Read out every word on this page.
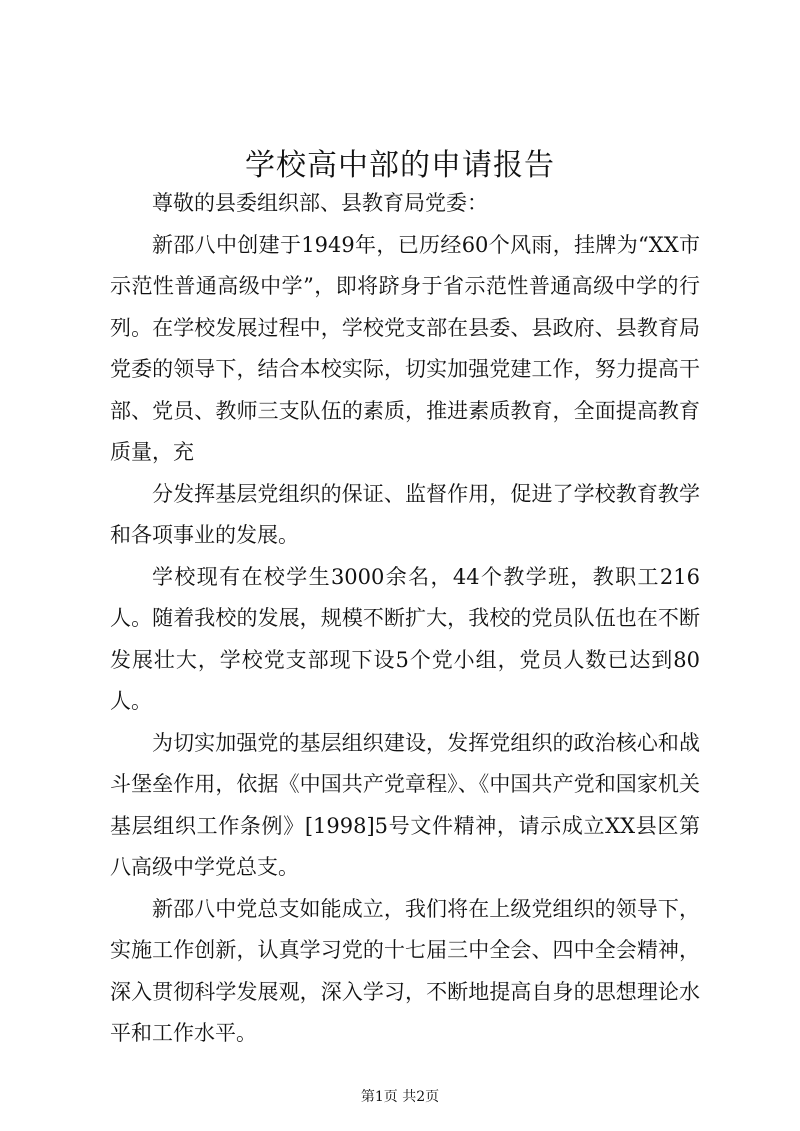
学校高中部的申请报告

尊敬的县委组织部、县教育局党委：

新邵八中创建于1949年，已历经60个风雨，挂牌为“XX市示范性普通高级中学”，即将跻身于省示范性普通高级中学的行列。在学校发展过程中，学校党支部在县委、县政府、县教育局党委的领导下，结合本校实际，切实加强党建工作，努力提高干部、党员、教师三支队伍的素质，推进素质教育，全面提高教育质量，充

分发挥基层党组织的保证、监督作用，促进了学校教育教学和各项事业的发展。

学校现有在校学生3000余名，44个教学班，教职工216人。随着我校的发展，规模不断扩大，我校的党员队伍也在不断发展壮大，学校党支部现下设5个党小组，党员人数已达到80人。

为切实加强党的基层组织建设，发挥党组织的政治核心和战斗堡垒作用，依据《中国共产党章程》、《中国共产党和国家机关基层组织工作条例》[1998]5号文件精神，请示成立XX县区第八高级中学党总支。

新邵八中党总支如能成立，我们将在上级党组织的领导下，实施工作创新，认真学习党的十七届三中全会、四中全会精神，深入贯彻科学发展观，深入学习，不断地提高自身的思想理论水平和工作水平。

第1页 共2页
